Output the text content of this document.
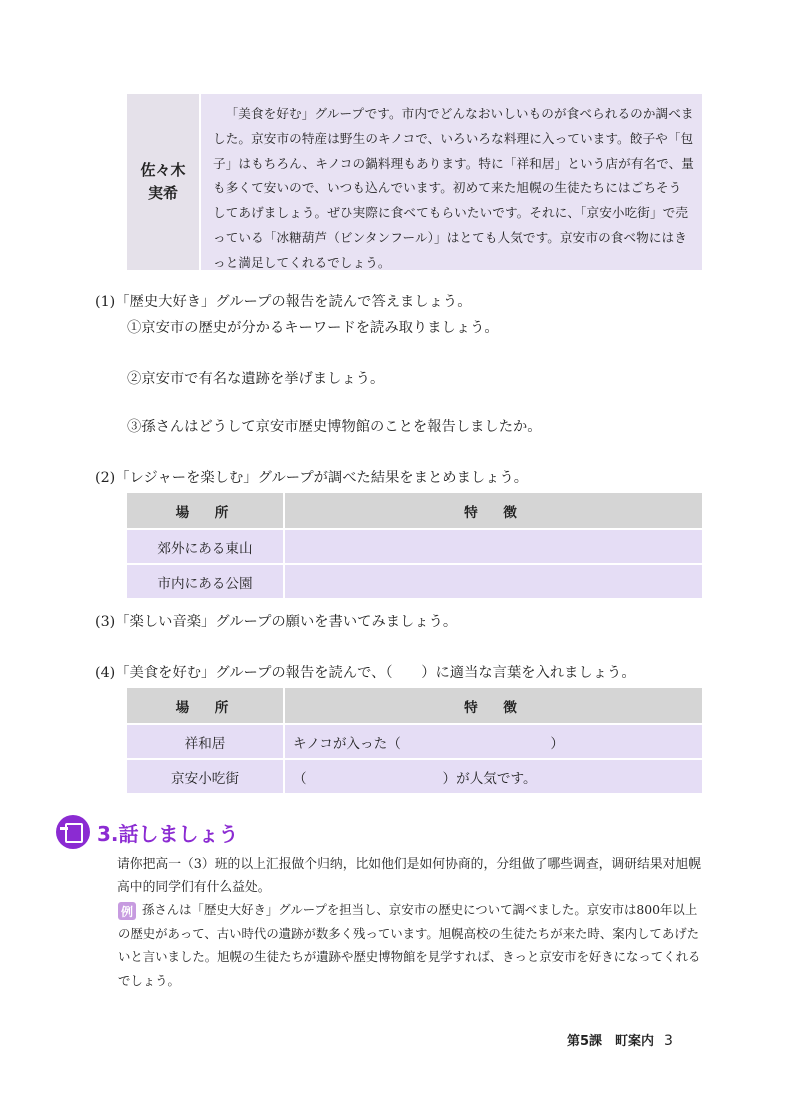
佐々木
実希

「美食を好む」グループです。市内でどんなおいしいものが食べられるのか調べました。京安市の特産は野生のキノコで、いろいろな料理に入っています。餃子や「包子」はもちろん、キノコの鍋料理もあります。特に「祥和居」という店が有名で、量も多くて安いので、いつも込んでいます。初めて来た旭幌の生徒たちにはごちそうしてあげましょう。ぜひ実際に食べてもらいたいです。それに、「京安小吃街」で売っている「冰糖葫芦（ビンタンフール）」はとても人気です。京安市の食べ物にはきっと満足してくれるでしょう。

(1)「歴史大好き」グループの報告を読んで答えましょう。
①京安市の歴史が分かるキーワードを読み取りましょう。
②京安市で有名な遺跡を挙げましょう。
③孫さんはどうして京安市歴史博物館のことを報告しましたか。
(2)「レジャーを楽しむ」グループが調べた結果をまとめましょう。
場　所	特　徴
郊外にある東山
市内にある公園
(3)「楽しい音楽」グループの願いを書いてみましょう。
(4)「美食を好む」グループの報告を読んで、（　　）に適当な言葉を入れましょう。
場　所	特　徴
祥和居	キノコが入った（　　　　　　　　　　　）
京安小吃街	（　　　　　　　　　　）が人気です。
3.話しましょう
请你把高一（3）班的以上汇报做个归纳，比如他们是如何协商的，分组做了哪些调查，调研结果对旭幌高中的同学们有什么益处。

孫さんは「歴史大好き」グループを担当し、京安市の歴史について調べました。京安市は800年以上の歴史があって、古い時代の遺跡が数多く残っています。旭幌高校の生徒たちが来た時、案内してあげたいと言いました。旭幌の生徒たちが遺跡や歴史博物館を見学すれば、きっと京安市を好きになってくれるでしょう。

例
第5課　町案内 3
